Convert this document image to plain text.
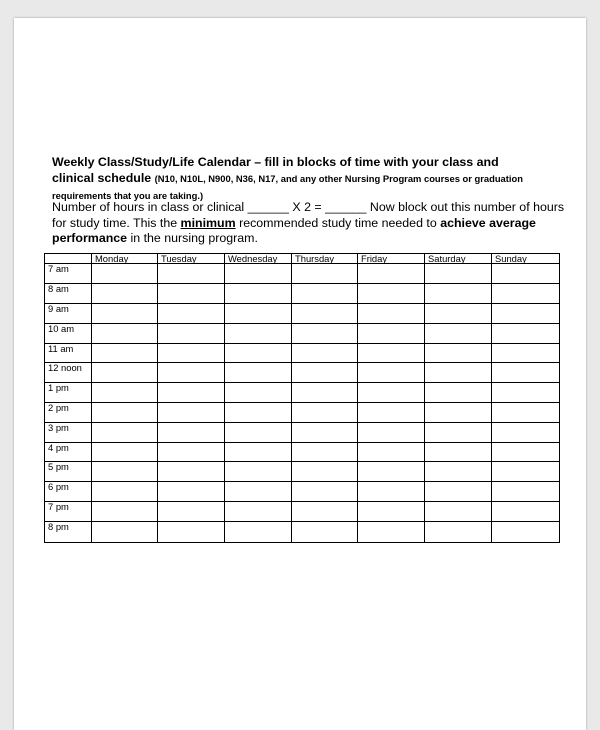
Weekly Class/Study/Life Calendar – fill in blocks of time with your class and clinical schedule (N10, N10L, N900, N36, N17, and any other Nursing Program courses or graduation requirements that you are taking.)
Number of hours in class or clinical ______ X 2 = ______ Now block out this number of hours for study time. This the minimum recommended study time needed to achieve average performance in the nursing program.
	Monday	Tuesday	Wednesday	Thursday	Friday	Saturday	Sunday
7 am							
8 am							
9 am							
10 am							
11 am							
12 noon							
1 pm							
2 pm							
3 pm							
4 pm							
5 pm							
6 pm							
7 pm							
8 pm							
